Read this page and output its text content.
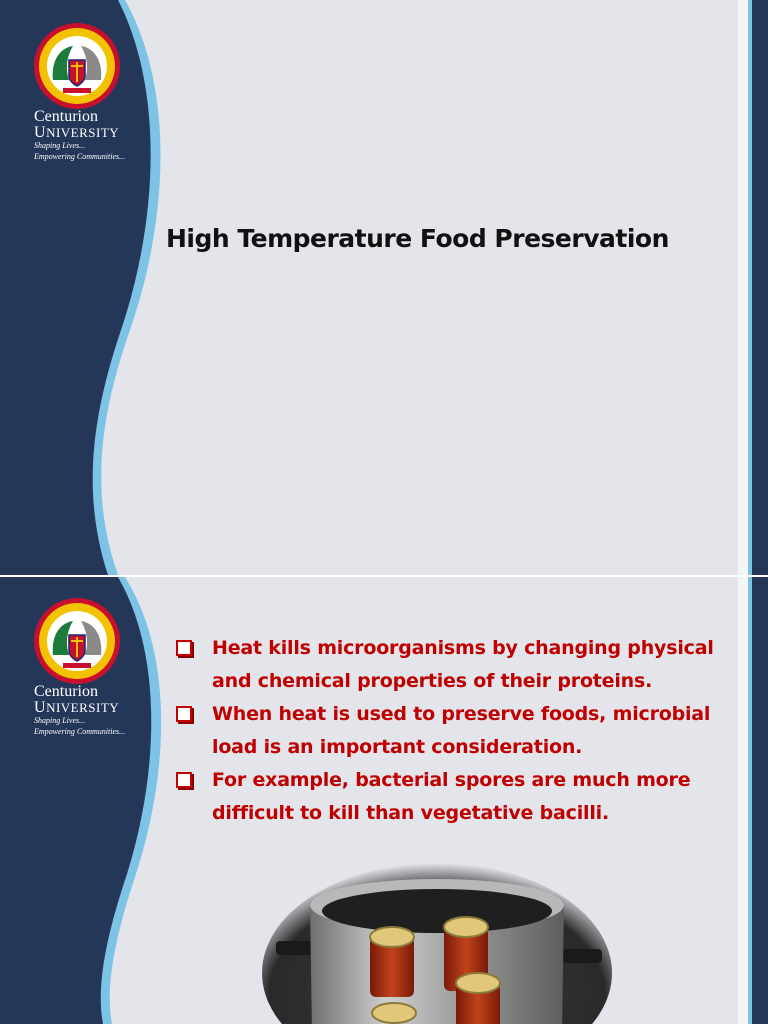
Centurion
UNIVERSITY
Shaping Lives...
Empowering Communities...
High Temperature Food Preservation
Centurion
UNIVERSITY
Shaping Lives...
Empowering Communities...
Heat kills microorganisms by changing physical and chemical properties of their proteins.
When heat is used to preserve foods, microbial load is an important consideration.
For example, bacterial spores are much more difficult to kill than vegetative bacilli.
